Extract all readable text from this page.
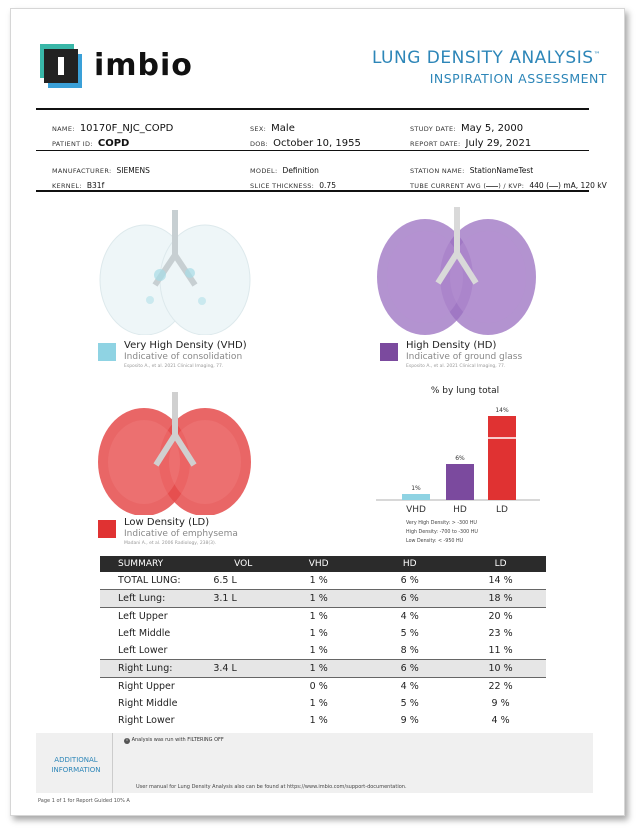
imbio	LUNG DENSITY ANALYSIS™
INSPIRATION ASSESSMENT
NAME: 10170F_NJC_COPD
PATIENT ID: COPD
SEX: Male
DOB: October 10, 1955
STUDY DATE: May 5, 2000
REPORT DATE: July 29, 2021
MANUFACTURER: SIEMENS
KERNEL: B31f
MODEL: Definition
SLICE THICKNESS: 0.75
STATION NAME: StationNameTest
TUBE CURRENT AVG ( ) / KVP: 440 ( ) mA, 120 kV
Very High Density (VHD)
Indicative of consolidation
Esposito A., et al. 2021 Clinical Imaging, 77.
High Density (HD)
Indicative of ground glass
Esposito A., et al. 2021 Clinical Imaging, 77.
Low Density (LD)
Indicative of emphysema
Madani A., et al. 2006 Radiology, 238(3).
% by lung total
1%
VHD
6%
HD
14%
LD
Very High Density: > -300 HU
High Density: -700 to -300 HU
Low Density: < -950 HU
SUMMARY	VOL	VHD	HD	LD
TOTAL LUNG:	6.5 L	1 %	6 %	14 %
Left Lung:	3.1 L	1 %	6 %	18 %
Left Upper		1 %	4 %	20 %
Left Middle		1 %	5 %	23 %
Left Lower		1 %	8 %	11 %
Right Lung:	3.4 L	1 %	6 %	10 %
Right Upper		0 %	4 %	22 %
Right Middle		1 %	5 %	9 %
Right Lower		1 %	9 %	4 %
ADDITIONAL INFORMATION
i Analysis was run with FILTERING OFF
User manual for Lung Density Analysis also can be found at https://www.imbio.com/support-documentation.
Page 1 of 1 for Report Guided 10% A
